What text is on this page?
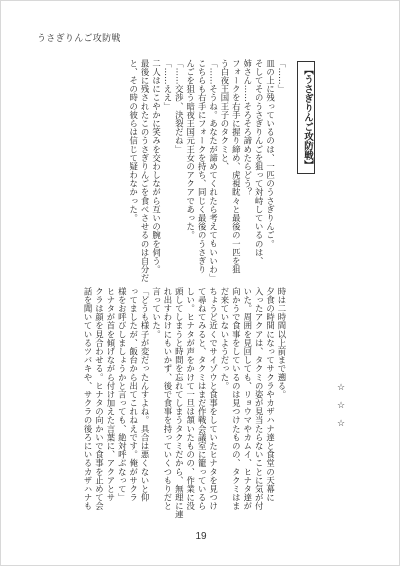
うさぎりんご攻防戦
【うさぎりんご攻防戦】
「……」
皿の上に残っているのは、一匹のうさぎりんご。
そしてそのうさぎりんごを狙って対峙しているのは、
姉さん……そろそろ諦めたらどう？
フォークを右手に握り締め、虎視眈々と最後の一匹を狙
う白夜王国王子のタクミと、
「……そうね。あなたが諦めてくれたら考えてもいいわ」
こちらも右手にフォークを持ち、同じく最後のうさぎり
んごを狙う暗夜王国元王女のアクアであった。
「……交渉、決裂だね」
「……ええ」
二人はにこやかに笑みを交わしながら互いの腕を伺う。
最後に残されたこのうさぎりんごを食べさせるのは自分だ
と、その時の彼らは信じて疑わなかった。
時は二時間以上前まで遡る。
夕食の時間になってサクラやカザハナ達と食堂の天幕に
入ったアクアは、タクミの姿が見当たらないことに気が付
いた。周囲を見回しても、リョウマやカムイ、ヒナタ達が
向かうで食事をしているのは見つけたものの、タクミはま
だ来ていないようだった。
ちょうど近くでサイゾウと食事をしていたヒナタを見つけ
て尋ねてみると、タクミはまだ作戦会議室に籠っているら
しい。ヒナタが声をかけて一旦は頷いたものの、作業に没
頭してしまうと時間を忘れてしまうタクミだから、無理に連
れ出すわけにもいかず、後で食事を持っていくつもりだと
言っていた。
「どうも様子が変だったんすよね。具合は悪くないと仰
ってましたが、飯台から出てこれねえです。俺がサクラ
様をお呼びしましょうかと言っても、絶対呼ぶなって」
ヒナタが首を傾げながら付け加えた言葉に、アクアとサ
クラは顔を見合わせる。ヒナタの向かいで食事を止めて会
話を聞いているツバキや、サクラの後ろにいるカザハナも	☆☆☆
19
